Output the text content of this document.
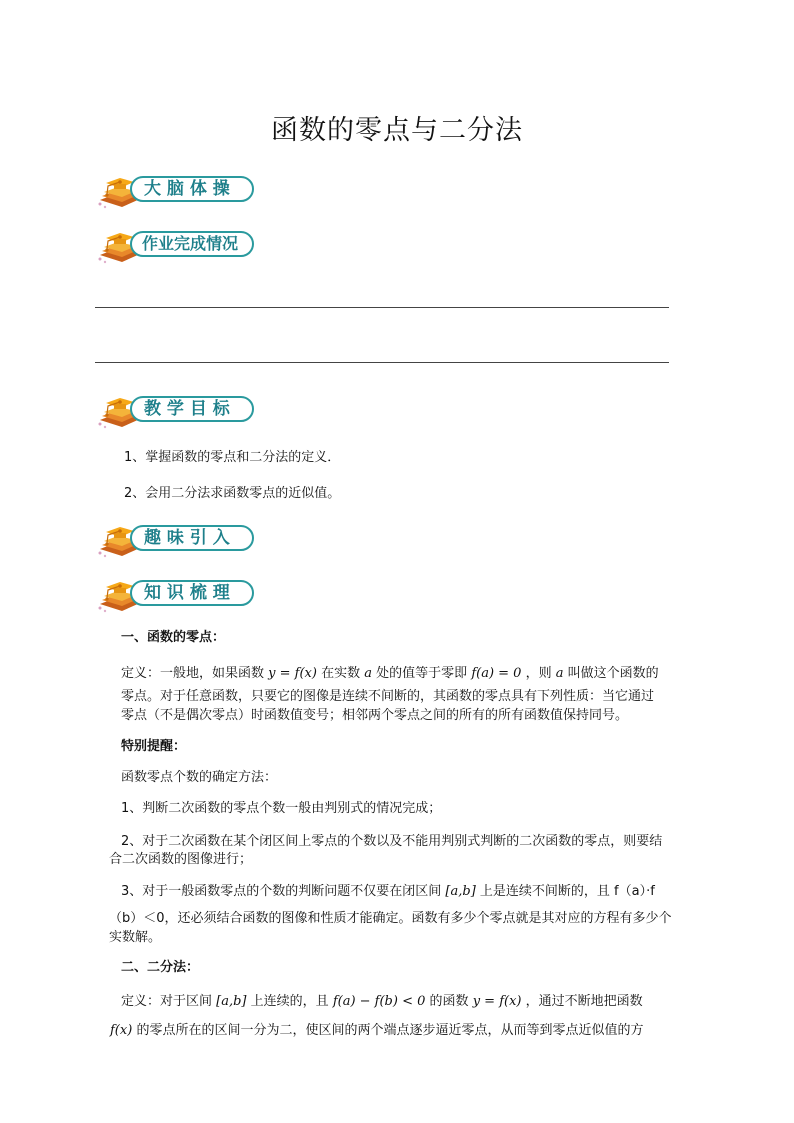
函数的零点与二分法
大 脑 体 操
作业完成情况
教 学 目 标
1、掌握函数的零点和二分法的定义．
2、会用二分法求函数零点的近似值。
趣 味 引 入
知 识 梳 理
一、函数的零点：
定义：一般地，如果函数 y = f(x) 在实数 a 处的值等于零即 f(a) = 0 ，则 a 叫做这个函数的
零点。对于任意函数，只要它的图像是连续不间断的，其函数的零点具有下列性质：当它通过
零点（不是偶次零点）时函数值变号；相邻两个零点之间的所有的所有函数值保持同号。
特别提醒：
函数零点个数的确定方法：
1、判断二次函数的零点个数一般由判别式的情况完成；
2、对于二次函数在某个闭区间上零点的个数以及不能用判别式判断的二次函数的零点，则要结
合二次函数的图像进行；
3、对于一般函数零点的个数的判断问题不仅要在闭区间 [a,b] 上是连续不间断的，且 f（a）·f
（b）＜0，还必须结合函数的图像和性质才能确定。函数有多少个零点就是其对应的方程有多少个
实数解。
二、二分法：
定义：对于区间 [a,b] 上连续的，且 f(a) − f(b) < 0 的函数 y = f(x) ，通过不断地把函数
f(x) 的零点所在的区间一分为二，使区间的两个端点逐步逼近零点，从而等到零点近似值的方
